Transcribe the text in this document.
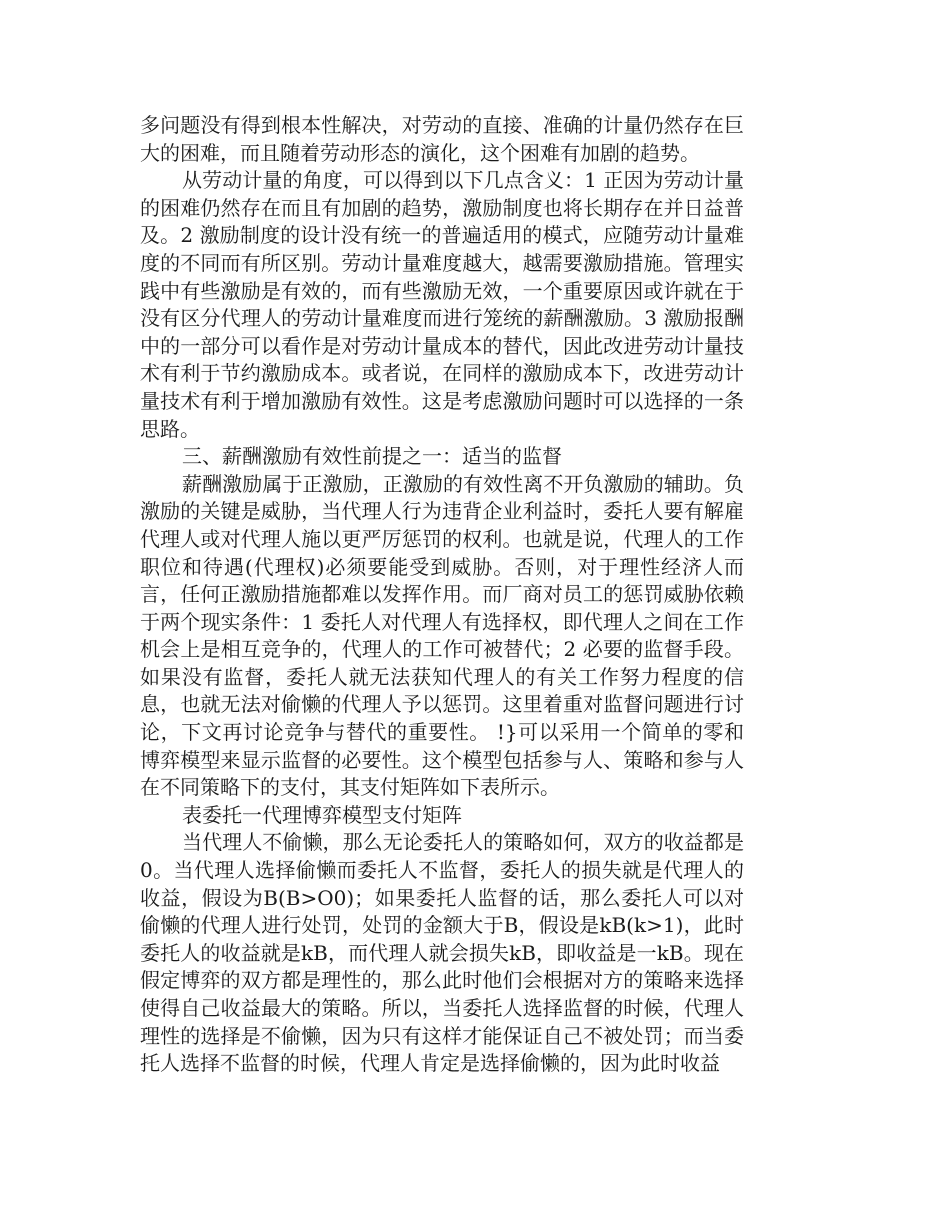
多问题没有得到根本性解决，对劳动的直接、准确的计量仍然存在巨大的困难，而且随着劳动形态的演化，这个困难有加剧的趋势。

从劳动计量的角度，可以得到以下几点含义：1 正因为劳动计量的困难仍然存在而且有加剧的趋势，激励制度也将长期存在并日益普及。2 激励制度的设计没有统一的普遍适用的模式，应随劳动计量难度的不同而有所区别。劳动计量难度越大，越需要激励措施。管理实践中有些激励是有效的，而有些激励无效，一个重要原因或许就在于没有区分代理人的劳动计量难度而进行笼统的薪酬激励。3 激励报酬中的一部分可以看作是对劳动计量成本的替代，因此改进劳动计量技术有利于节约激励成本。或者说，在同样的激励成本下，改进劳动计量技术有利于增加激励有效性。这是考虑激励问题时可以选择的一条思路。

三、薪酬激励有效性前提之一：适当的监督

薪酬激励属于正激励，正激励的有效性离不开负激励的辅助。负激励的关键是威胁，当代理人行为违背企业利益时，委托人要有解雇代理人或对代理人施以更严厉惩罚的权利。也就是说，代理人的工作职位和待遇(代理权)必须要能受到威胁。否则，对于理性经济人而言，任何正激励措施都难以发挥作用。而厂商对员工的惩罚威胁依赖于两个现实条件：1 委托人对代理人有选择权，即代理人之间在工作机会上是相互竞争的，代理人的工作可被替代；2 必要的监督手段。如果没有监督，委托人就无法获知代理人的有关工作努力程度的信息，也就无法对偷懒的代理人予以惩罚。这里着重对监督问题进行讨论，下文再讨论竞争与替代的重要性。 !}可以采用一个简单的零和博弈模型来显示监督的必要性。这个模型包括参与人、策略和参与人在不同策略下的支付，其支付矩阵如下表所示。

表委托一代理博弈模型支付矩阵

当代理人不偷懒，那么无论委托人的策略如何，双方的收益都是0。当代理人选择偷懒而委托人不监督，委托人的损失就是代理人的收益，假设为B(B>O0)；如果委托人监督的话，那么委托人可以对偷懒的代理人进行处罚，处罚的金额大于B，假设是kB(k>1)，此时委托人的收益就是kB，而代理人就会损失kB，即收益是一kB。现在假定博弈的双方都是理性的，那么此时他们会根据对方的策略来选择使得自己收益最大的策略。所以，当委托人选择监督的时候，代理人理性的选择是不偷懒，因为只有这样才能保证自己不被处罚；而当委托人选择不监督的时候，代理人肯定是选择偷懒的，因为此时收益
